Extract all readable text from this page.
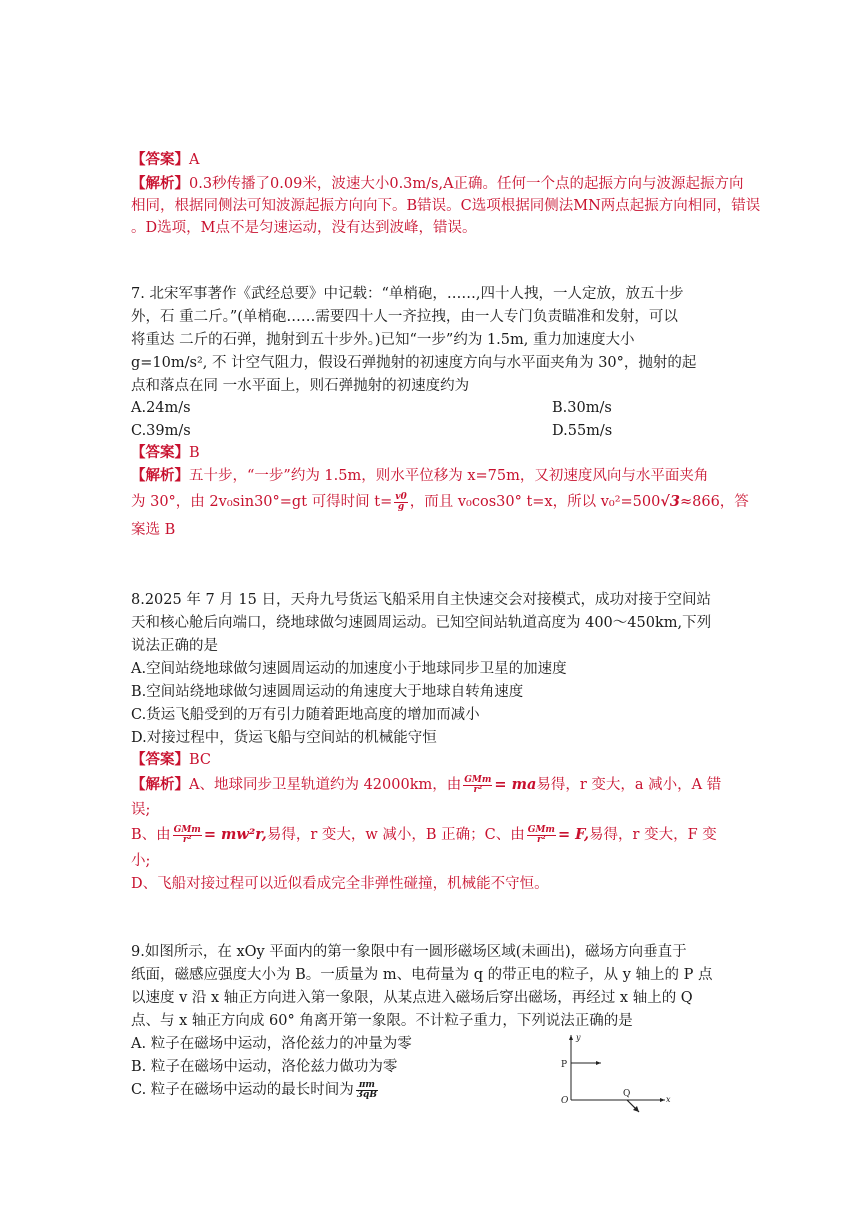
【答案】A
【解析】0.3秒传播了0.09米，波速大小0.3m/s,A正确。任何一个点的起振方向与波源起振方向
相同，根据同侧法可知波源起振方向向下。B错误。C选项根据同侧法MN两点起振方向相同，错误
。D选项，M点不是匀速运动，没有达到波峰，错误。
7. 北宋军事著作《武经总要》中记载：“单梢砲，……,四十人拽，一人定放，放五十步
外，石 重二斤。”(单梢砲……需要四十人一齐拉拽，由一人专门负责瞄准和发射，可以
将重达 二斤的石弹，抛射到五十步外。)已知“一步”约为 1.5m, 重力加速度大小
g=10m/s², 不 计空气阻力，假设石弹抛射的初速度方向与水平面夹角为 30°，抛射的起
点和落点在同 一水平面上，则石弹抛射的初速度约为
A.24m/s	B.30m/s
C.39m/s	D.55m/s
【答案】B
【解析】五十步，“一步”约为 1.5m，则水平位移为 x=75m，又初速度风向与水平面夹角
为 30°，由 2v₀sin30°=gt 可得时间 $t= \frac{v0}{g}$ ，而且 v₀cos30° t=x，所以 v₀²=500√3≈866，答
案选 B
8.2025 年 7 月 15 日，天舟九号货运飞船采用自主快速交会对接模式，成功对接于空间站
天和核心舱后向端口，绕地球做匀速圆周运动。已知空间站轨道高度为 400～450km,下列
说法正确的是
A.空间站绕地球做匀速圆周运动的加速度小于地球同步卫星的加速度
B.空间站绕地球做匀速圆周运动的角速度大于地球自转角速度
C.货运飞船受到的万有引力随着距地高度的增加而减小
D.对接过程中，货运飞船与空间站的机械能守恒
【答案】BC
【解析】A、地球同步卫星轨道约为 42000km，由 $\frac{\text{GMm}}{\text{r²}}$ = ma易得，r 变大，a 减小，A 错
误;
B、由 $\frac{\text{GMm}}{\text{r²}} = mw^2r$,易得，r 变大，w 减小，B 正确；C、由 $\frac{\text{GMm}}{\text{r²}} = F$,易得，r 变大，F 变
小;
D、飞船对接过程可以近似看成完全非弹性碰撞，机械能不守恒。
9.如图所示，在 xOy 平面内的第一象限中有一圆形磁场区域(未画出)，磁场方向垂直于
纸面，磁感应强度大小为 B。一质量为 m、电荷量为 q 的带正电的粒子，从 y 轴上的 P 点
以速度 v 沿 x 轴正方向进入第一象限，从某点进入磁场后穿出磁场，再经过 x 轴上的 Q
点、与 x 轴正方向成 60° 角离开第一象限。不计粒子重力，下列说法正确的是
A. 粒子在磁场中运动，洛伦兹力的冲量为零
B. 粒子在磁场中运动，洛伦兹力做功为零
C. 粒子在磁场中运动的最长时间为 $\frac{\pi m}{3qB}$
y
x
O
P
Q
